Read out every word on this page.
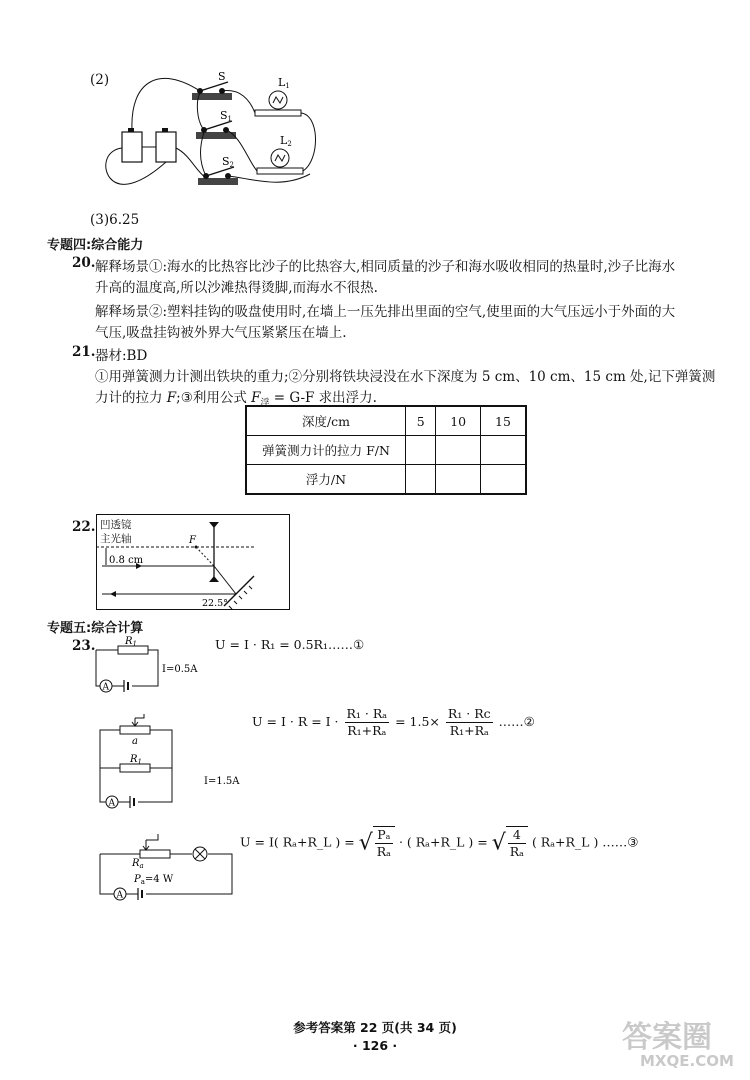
(2)	S
S1
S2
L1
L2
(3)6.25
专题四:综合能力
20. 解释场景①:海水的比热容比沙子的比热容大,相同质量的沙子和海水吸收相同的热量时,沙子比海水
升高的温度高,所以沙滩热得烫脚,而海水不很热.
解释场景②:塑料挂钩的吸盘使用时,在墙上一压先排出里面的空气,使里面的大气压远小于外面的大
气压,吸盘挂钩被外界大气压紧紧压在墙上.
21. 器材:BD
①用弹簧测力计测出铁块的重力;②分别将铁块浸没在水下深度为 5 cm、10 cm、15 cm 处,记下弹簧测
力计的拉力 F;③利用公式 $F_浮 = G-F$ 求出浮力.
深度/cm	5	10	15
弹簧测力计的拉力 F/N			
浮力/N			
22.
F
0.8 cm
22.5°
凹透镜
主光轴
专题五:综合计算
23.
A
$R_1$
I=0.5A
U = I · R₁ = 0.5R₁……①
A
a
$R_1$
I=1.5A
$U = I \cdot R = I \cdot \frac{\text{R₁ · Rₐ}}{\text{R₁+Rₐ}} = 1.5\times \frac{\text{R₁ · Rc}}{\text{R₁+Rₐ}}$ ……②
A
$R_a$
$P_a=4$ W
U = I( Rₐ+R_L ) = √ $\frac{\text{Pₐ}}{\text{Rₐ}}$ · ( Rₐ+R_L ) = √ $\frac{4}{\text{Rₐ}}$ ( Rₐ+R_L ) ……③
参考答案第 22 页(共 34 页)
· 126 ·	答案圈
MXQE.COM
